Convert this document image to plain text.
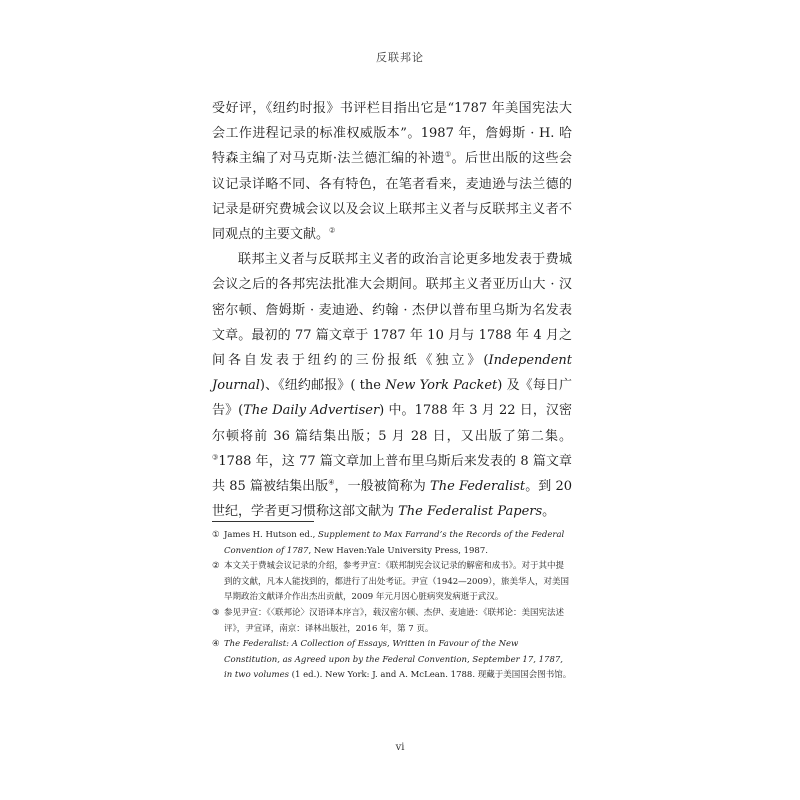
反联邦论

受好评，《纽约时报》书评栏目指出它是“1787 年美国宪法大会工作进程记录的标准权威版本”。1987 年，詹姆斯 · H. 哈特森主编了对马克斯·法兰德汇编的补遗①。后世出版的这些会议记录详略不同、各有特色，在笔者看来，麦迪逊与法兰德的记录是研究费城会议以及会议上联邦主义者与反联邦主义者不同观点的主要文献。②

联邦主义者与反联邦主义者的政治言论更多地发表于费城会议之后的各邦宪法批准大会期间。联邦主义者亚历山大 · 汉密尔顿、詹姆斯 · 麦迪逊、约翰 · 杰伊以普布里乌斯为名发表文章。最初的 77 篇文章于 1787 年 10 月与 1788 年 4 月之间各自发表于纽约的三份报纸《独立》(Independent Journal)、《纽约邮报》( the New York Packet) 及《每日广告》(The Daily Advertiser) 中。1788 年 3 月 22 日，汉密尔顿将前 36 篇结集出版；5 月 28 日，又出版了第二集。③1788 年，这 77 篇文章加上普布里乌斯后来发表的 8 篇文章共 85 篇被结集出版④，一般被简称为 The Federalist。到 20 世纪，学者更习惯称这部文献为 The Federalist Papers。

① James H. Hutson ed., Supplement to Max Farrand’s the Records of the Federal Convention of 1787, New Haven:Yale University Press, 1987.
② 本文关于费城会议记录的介绍，参考尹宣：《联邦制宪会议记录的解密和成书》。对于其中提到的文献，凡本人能找到的，都进行了出处考证。尹宣（1942—2009），旅美华人，对美国早期政治文献译介作出杰出贡献，2009 年元月因心脏病突发病逝于武汉。
③ 参见尹宣：《〈联邦论〉汉语译本序言》，载汉密尔顿、杰伊、麦迪逊：《联邦论：美国宪法述评》，尹宣译，南京：译林出版社，2016 年，第 7 页。
④ The Federalist: A Collection of Essays, Written in Favour of the New Constitution, as Agreed upon by the Federal Convention, September 17, 1787, in two volumes (1 ed.). New York: J. and A. McLean. 1788. 现藏于美国国会图书馆。
vi
